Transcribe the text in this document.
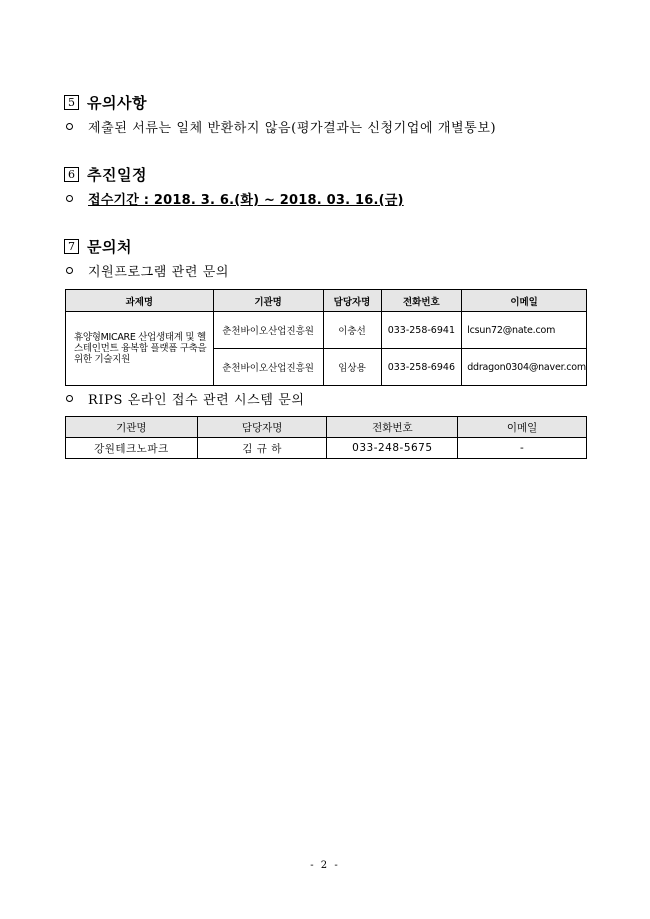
5 유의사항
제출된 서류는 일체 반환하지 않음(평가결과는 신청기업에 개별통보)
6 추진일정
접수기간 : 2018. 3. 6.(화) ~ 2018. 03. 16.(금)
7 문의처
지원프로그램 관련 문의
과제명	기관명	담당자명	전화번호	이메일
휴양형MICARE 산업생태계 및 헬스테인먼트 융복합 플랫폼 구축을 위한 기술지원	춘천바이오산업진흥원	이충선	033-258-6941	lcsun72@nate.com
	춘천바이오산업진흥원	임상용	033-258-6946	ddragon0304@naver.com
RIPS 온라인 접수 관련 시스템 문의
기관명	담당자명	전화번호	이메일
강원테크노파크	김 규 하	033-248-5675	-
- 2 -
